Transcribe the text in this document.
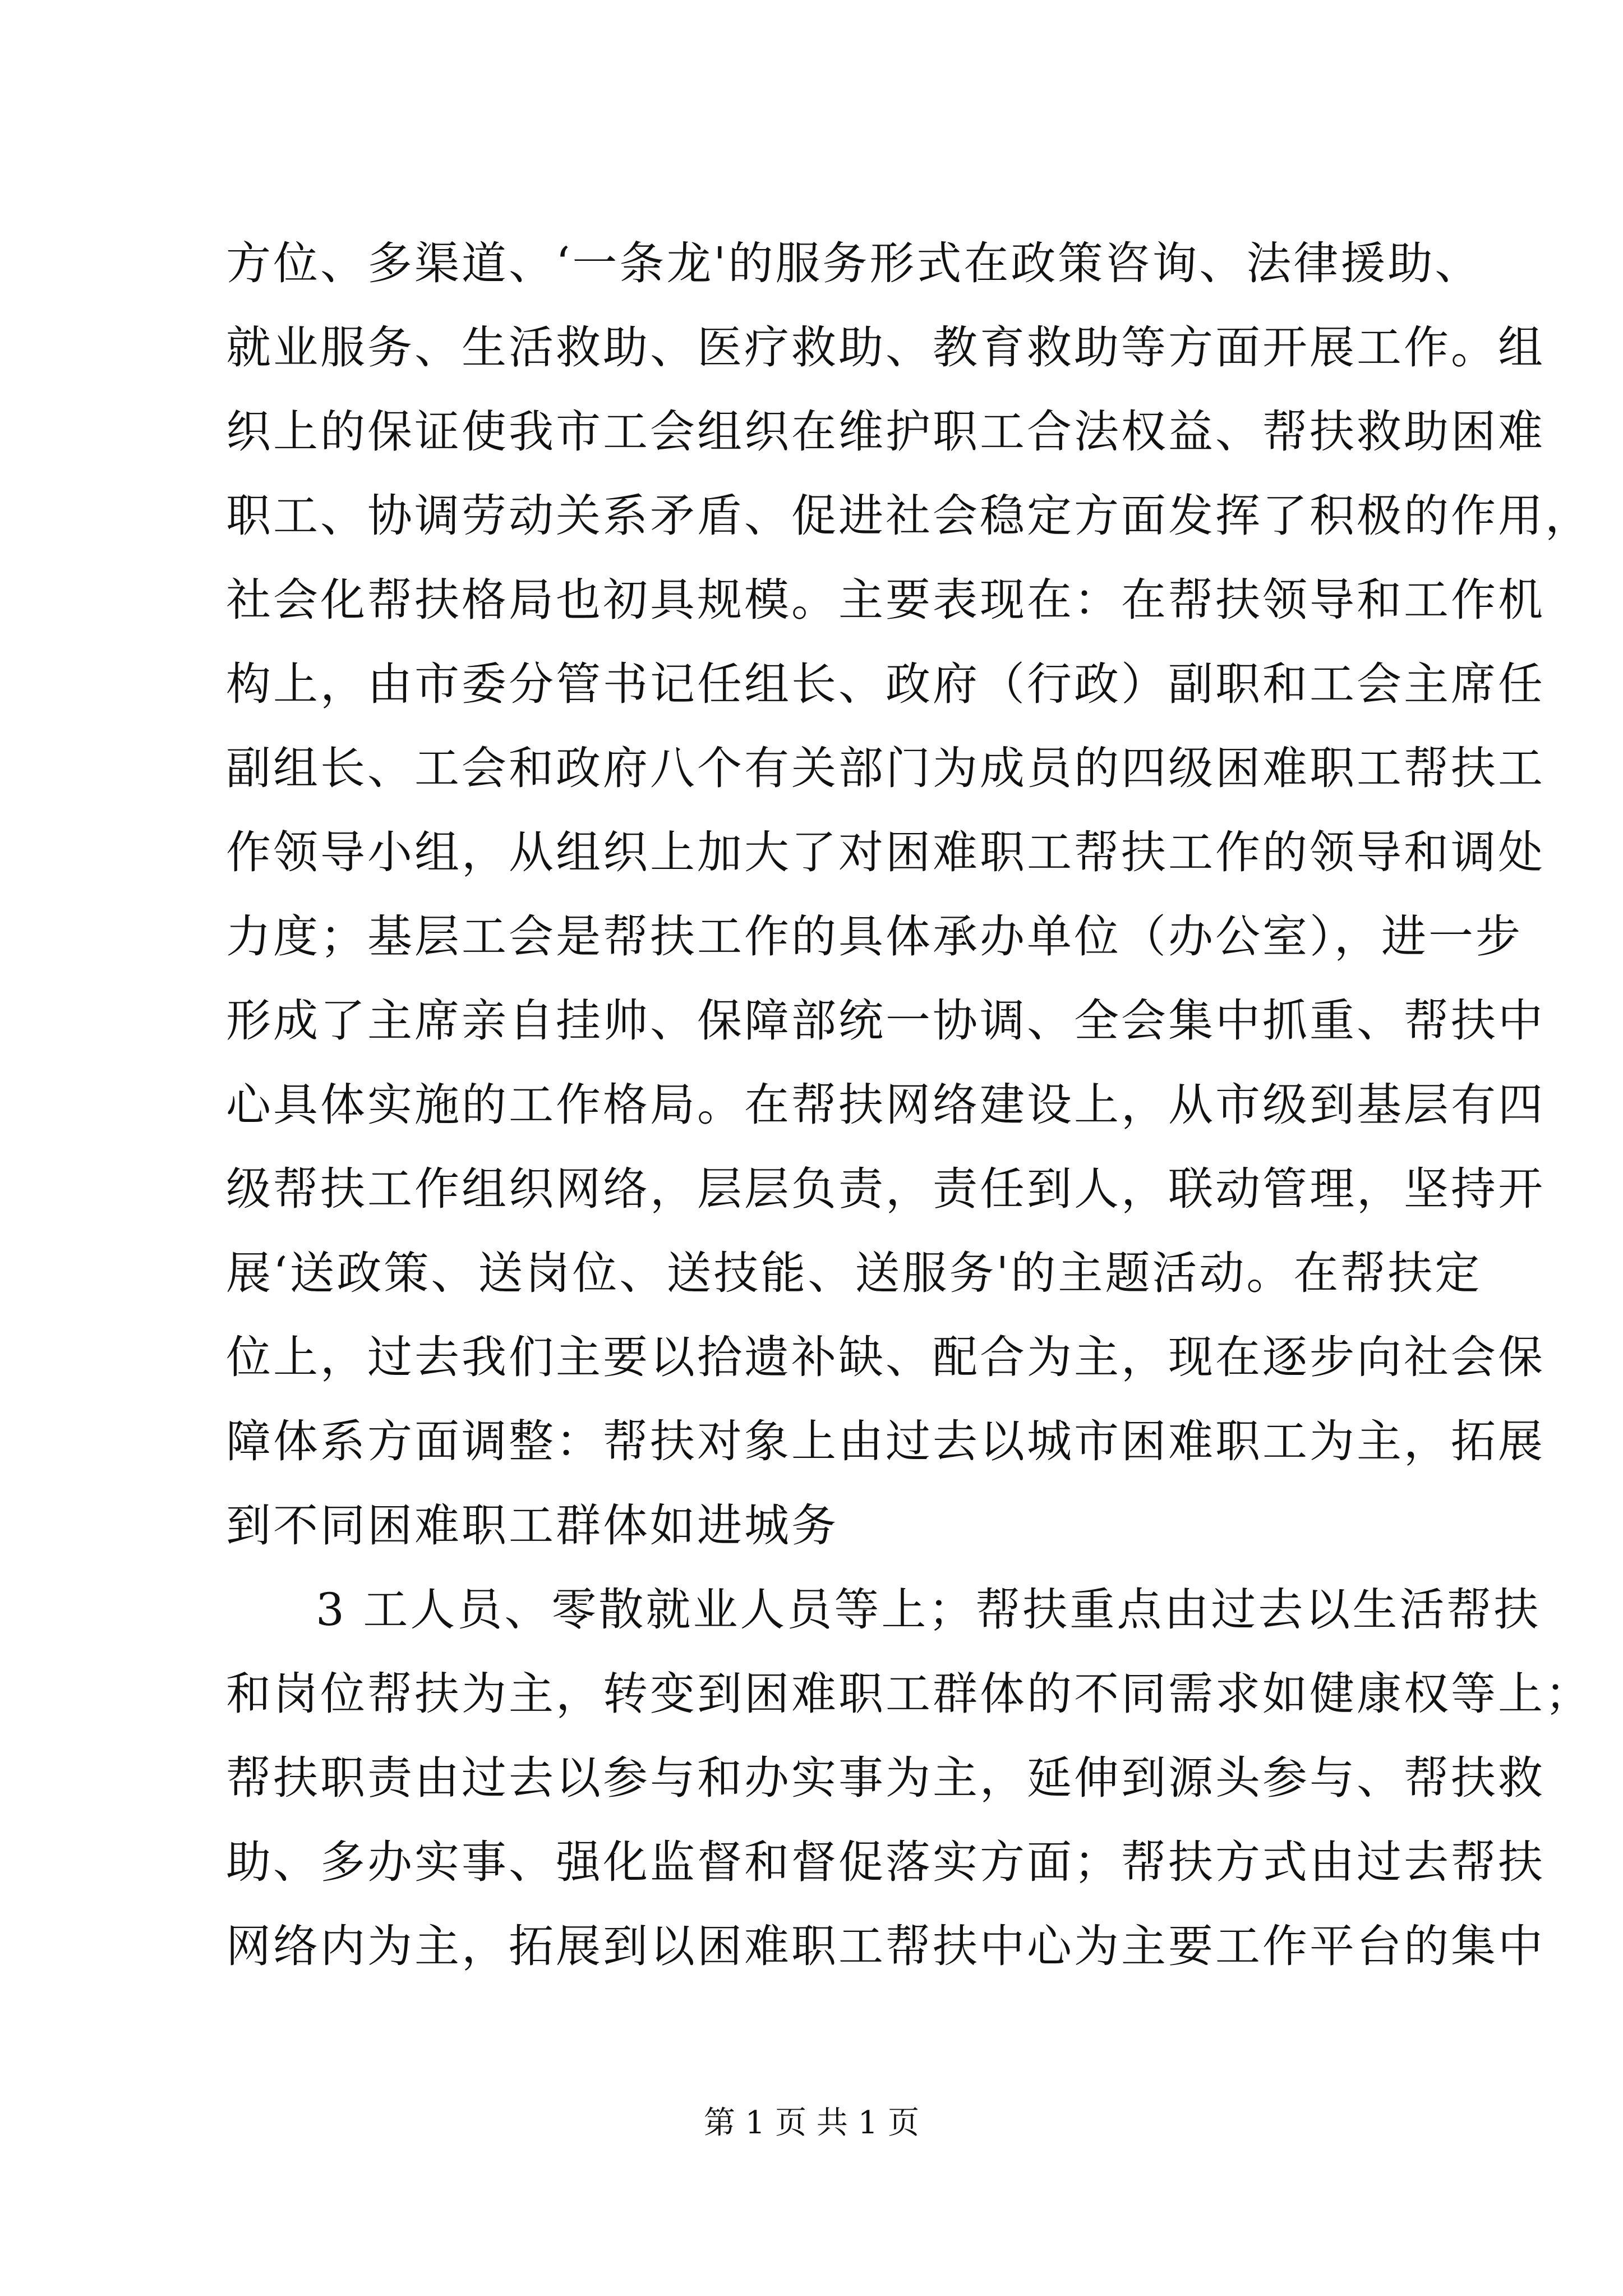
方位、多渠道、‘一条龙'的服务形式在政策咨询、法律援助、
就业服务、生活救助、医疗救助、教育救助等方面开展工作。组
织上的保证使我市工会组织在维护职工合法权益、帮扶救助困难
职工、协调劳动关系矛盾、促进社会稳定方面发挥了积极的作用，
社会化帮扶格局也初具规模。主要表现在：在帮扶领导和工作机
构上，由市委分管书记任组长、政府（行政）副职和工会主席任
副组长、工会和政府八个有关部门为成员的四级困难职工帮扶工
作领导小组，从组织上加大了对困难职工帮扶工作的领导和调处
力度；基层工会是帮扶工作的具体承办单位（办公室），进一步
形成了主席亲自挂帅、保障部统一协调、全会集中抓重、帮扶中
心具体实施的工作格局。在帮扶网络建设上，从市级到基层有四
级帮扶工作组织网络，层层负责，责任到人，联动管理，坚持开
展‘送政策、送岗位、送技能、送服务'的主题活动。在帮扶定
位上，过去我们主要以拾遗补缺、配合为主，现在逐步向社会保
障体系方面调整：帮扶对象上由过去以城市困难职工为主，拓展
到不同困难职工群体如进城务
3 工人员、零散就业人员等上；帮扶重点由过去以生活帮扶
和岗位帮扶为主，转变到困难职工群体的不同需求如健康权等上；
帮扶职责由过去以参与和办实事为主，延伸到源头参与、帮扶救
助、多办实事、强化监督和督促落实方面；帮扶方式由过去帮扶
网络内为主，拓展到以困难职工帮扶中心为主要工作平台的集中
第 1 页 共 1 页
